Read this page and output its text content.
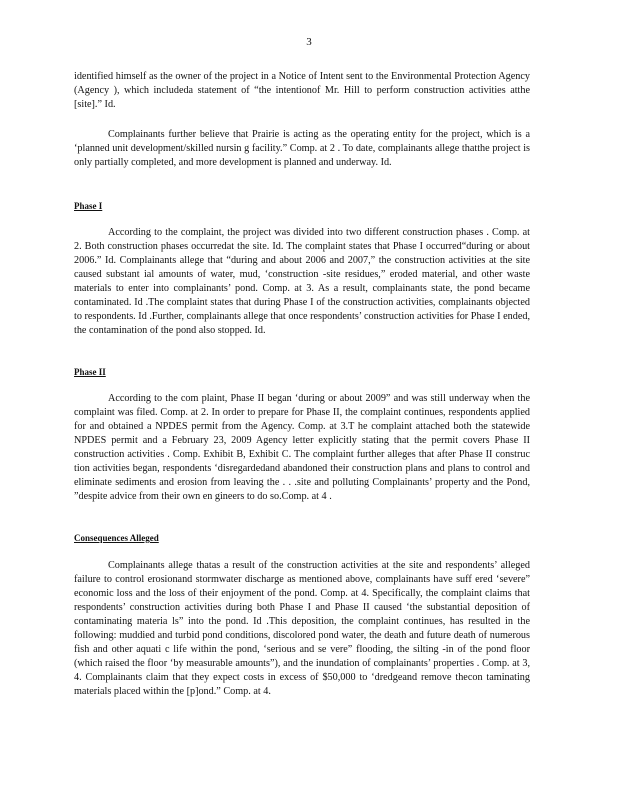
3

identified himself as the owner of the project in a Notice of Intent sent to the Environmental Protection Agency (Agency ), which includeda statement of “the intentionof Mr. Hill to perform construction activities atthe [site].” Id.

Complainants further believe that Prairie is acting as the operating entity for the project, which is a ‘planned unit development/skilled nursin g facility.” Comp. at 2 . To date, complainants allege thatthe project is only partially completed, and more development is planned and underway. Id.

Phase I

According to the complaint, the project was divided into two different construction phases . Comp. at 2. Both construction phases occurredat the site. Id. The complaint states that Phase I occurred“during or about 2006.” Id. Complainants allege that “during and about 2006 and 2007,” the construction activities at the site caused substant ial amounts of water, mud, ‘construction -site residues,” eroded material, and other waste materials to enter into complainants’ pond. Comp. at 3. As a result, complainants state, the pond became contaminated. Id .The complaint states that during Phase I of the construction activities, complainants objected to respondents. Id .Further, complainants allege that once respondents’ construction activities for Phase I ended, the contamination of the pond also stopped. Id.

Phase II

According to the com plaint, Phase II began ‘during or about 2009” and was still underway when the complaint was filed. Comp. at 2. In order to prepare for Phase II, the complaint continues, respondents applied for and obtained a NPDES permit from the Agency. Comp. at 3.T he complaint attached both the statewide NPDES permit and a February 23, 2009 Agency letter explicitly stating that the permit covers Phase II construction activities . Comp. Exhibit B, Exhibit C. The complaint further alleges that after Phase II construc tion activities began, respondents ‘disregardedand abandoned their construction plans and plans to control and eliminate sediments and erosion from leaving the . . .site and polluting Complainants’ property and the Pond, ”despite advice from their own en gineers to do so.Comp. at 4 .

Consequences Alleged

Complainants allege thatas a result of the construction activities at the site and respondents’ alleged failure to control erosionand stormwater discharge as mentioned above, complainants have suff ered ‘severe” economic loss and the loss of their enjoyment of the pond. Comp. at 4. Specifically, the complaint claims that respondents’ construction activities during both Phase I and Phase II caused ‘the substantial deposition of contaminating materia ls” into the pond. Id .This deposition, the complaint continues, has resulted in the following: muddied and turbid pond conditions, discolored pond water, the death and future death of numerous fish and other aquati c life within the pond, ‘serious and se vere” flooding, the silting -in of the pond floor (which raised the floor ‘by measurable amounts”), and the inundation of complainants’ properties . Comp. at 3, 4. Complainants claim that they expect costs in excess of $50,000 to ‘dredgeand remove thecon taminating materials placed within the [p]ond.” Comp. at 4.
